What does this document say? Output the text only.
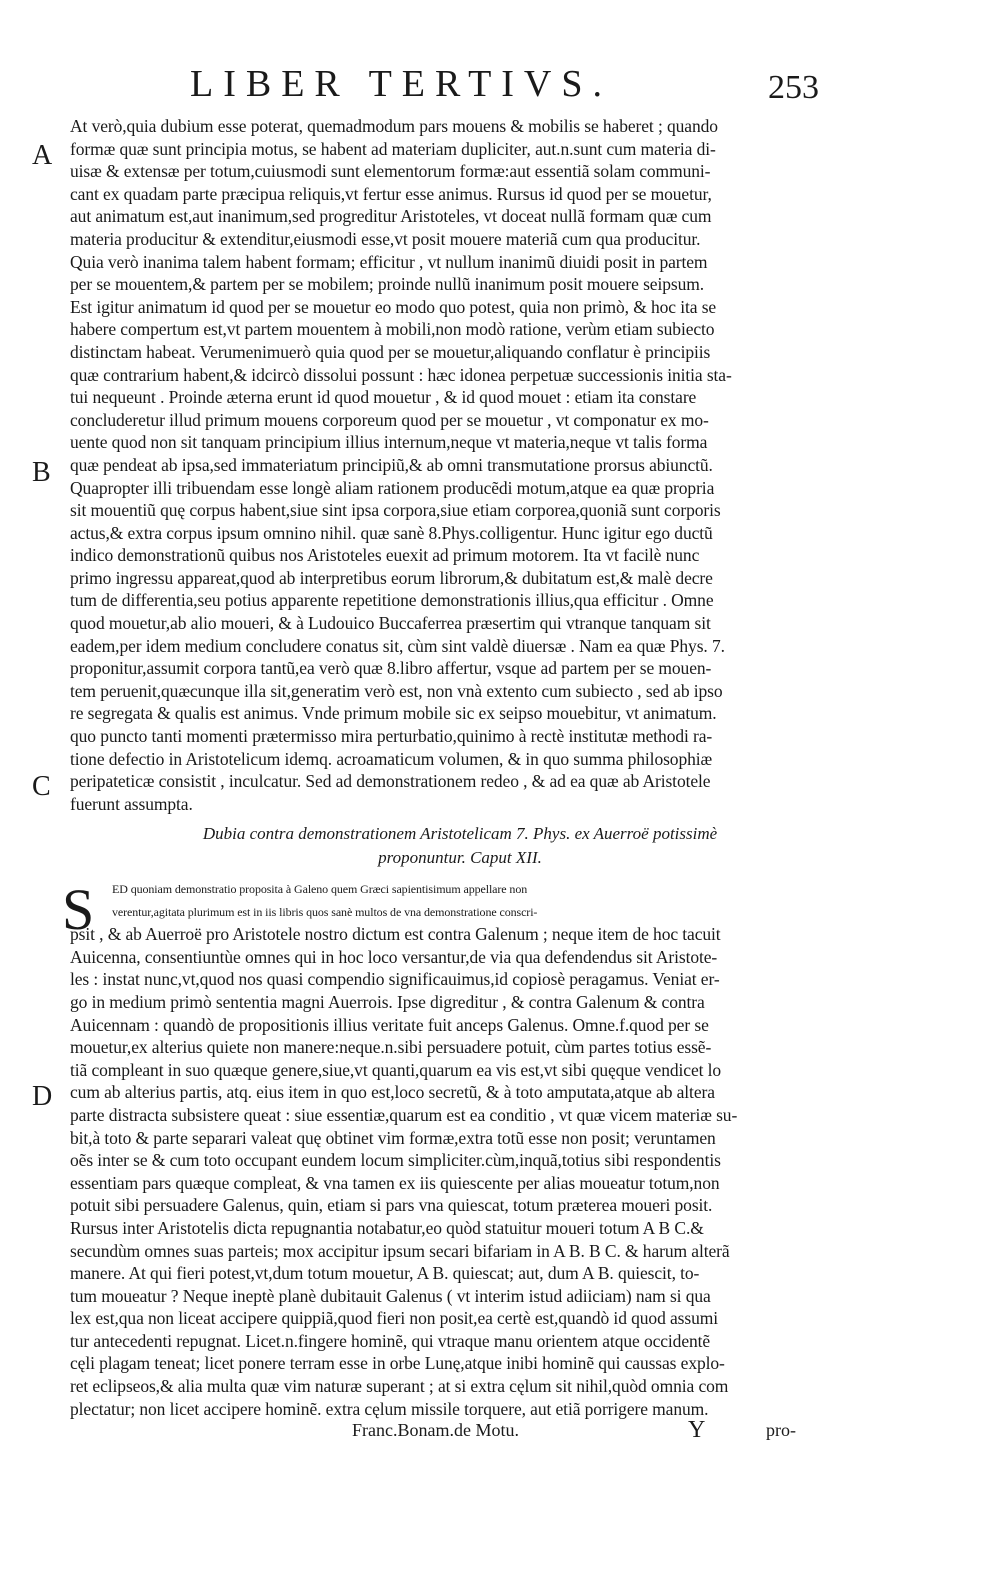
LIBER TERTIVS.	253
A
B
C
D
At verò,quia dubium esse poterat, quemadmodum pars mouens & mobilis se haberet ; quando
formæ quæ sunt principia motus, se habent ad materiam dupliciter, aut.n.sunt cum materia di-
uisæ & extensæ per totum,cuiusmodi sunt elementorum formæ:aut essentiã solam communi-
cant ex quadam parte præcipua reliquis,vt fertur esse animus. Rursus id quod per se mouetur,
aut animatum est,aut inanimum,sed progreditur Aristoteles, vt doceat nullã formam quæ cum
materia producitur & extenditur,eiusmodi esse,vt posit mouere materiã cum qua producitur.
Quia verò inanima talem habent formam; efficitur , vt nullum inanimũ diuidi posit in partem
per se mouentem,& partem per se mobilem; proinde nullũ inanimum posit mouere seipsum.
Est igitur animatum id quod per se mouetur eo modo quo potest, quia non primò, & hoc ita se
habere compertum est,vt partem mouentem à mobili,non modò ratione, verùm etiam subiecto
distinctam habeat. Verumenimuerò quia quod per se mouetur,aliquando conflatur è principiis
quæ contrarium habent,& idcircò dissolui possunt : hæc idonea perpetuæ successionis initia sta-
tui nequeunt . Proinde æterna erunt id quod mouetur , & id quod mouet : etiam ita constare
concluderetur illud primum mouens corporeum quod per se mouetur , vt componatur ex mo-
uente quod non sit tanquam principium illius internum,neque vt materia,neque vt talis forma
quæ pendeat ab ipsa,sed immateriatum principiũ,& ab omni transmutatione prorsus abiunctũ.
Quapropter illi tribuendam esse longè aliam rationem producẽdi motum,atque ea quæ propria
sit mouentiũ quę corpus habent,siue sint ipsa corpora,siue etiam corporea,quoniã sunt corporis
actus,& extra corpus ipsum omnino nihil. quæ sanè 8.Phys.colligentur. Hunc igitur ego ductũ
indico demonstrationũ quibus nos Aristoteles euexit ad primum motorem. Ita vt facilè nunc
primo ingressu appareat,quod ab interpretibus eorum librorum,& dubitatum est,& malè decre
tum de differentia,seu potius apparente repetitione demonstrationis illius,qua efficitur . Omne
quod mouetur,ab alio moueri, & à Ludouico Buccaferrea præsertim qui vtranque tanquam sit
eadem,per idem medium concludere conatus sit, cùm sint valdè diuersæ . Nam ea quæ Phys. 7.
proponitur,assumit corpora tantũ,ea verò quæ 8.libro affertur, vsque ad partem per se mouen-
tem peruenit,quæcunque illa sit,generatim verò est, non vnà extento cum subiecto , sed ab ipso
re segregata & qualis est animus. Vnde primum mobile sic ex seipso mouebitur, vt animatum.
quo puncto tanti momenti prætermisso mira perturbatio,quinimo à rectè institutæ methodi ra-
tione defectio in Aristotelicum idemq. acroamaticum volumen, & in quo summa philosophiæ
peripateticæ consistit , inculcatur. Sed ad demonstrationem redeo , & ad ea quæ ab Aristotele
fuerunt assumpta.
Dubia contra demonstrationem Aristotelicam 7. Phys. ex Auerroë potissimè
proponuntur. Caput XII.
S	ED quoniam demonstratio proposita à Galeno quem Græci sapientisimum appellare non
verentur,agitata plurimum est in iis libris quos sanè multos de vna demonstratione conscri-
psit , & ab Auerroë pro Aristotele nostro dictum est contra Galenum ; neque item de hoc tacuit
Auicenna, consentiuntùe omnes qui in hoc loco versantur,de via qua defendendus sit Aristote-
les : instat nunc,vt,quod nos quasi compendio significauimus,id copiosè peragamus. Veniat er-
go in medium primò sententia magni Auerrois. Ipse digreditur , & contra Galenum & contra
Auicennam : quandò de propositionis illius veritate fuit anceps Galenus. Omne.f.quod per se
mouetur,ex alterius quiete non manere:neque.n.sibi persuadere potuit, cùm partes totius essẽ-
tiã compleant in suo quæque genere,siue,vt quanti,quarum ea vis est,vt sibi quęque vendicet lo
cum ab alterius partis, atq. eius item in quo est,loco secretũ, & à toto amputata,atque ab altera
parte distracta subsistere queat : siue essentiæ,quarum est ea conditio , vt quæ vicem materiæ su-
bit,à toto & parte separari valeat quę obtinet vim formæ,extra totũ esse non posit; veruntamen
oẽs inter se & cum toto occupant eundem locum simpliciter.cùm,inquã,totius sibi respondentis
essentiam pars quæque compleat, & vna tamen ex iis quiescente per alias moueatur totum,non
potuit sibi persuadere Galenus, quin, etiam si pars vna quiescat, totum præterea moueri posit.
Rursus inter Aristotelis dicta repugnantia notabatur,eo quòd statuitur moueri totum A B C.&
secundùm omnes suas parteis; mox accipitur ipsum secari bifariam in A B. B C. & harum alterã
manere. At qui fieri potest,vt,dum totum mouetur, A B. quiescat; aut, dum A B. quiescit, to-
tum moueatur ? Neque ineptè planè dubitauit Galenus ( vt interim istud adiiciam) nam si qua
lex est,qua non liceat accipere quippiã,quod fieri non posit,ea certè est,quandò id quod assumi
tur antecedenti repugnat. Licet.n.fingere hominẽ, qui vtraque manu orientem atque occidentẽ
cęli plagam teneat; licet ponere terram esse in orbe Lunę,atque inibi hominẽ qui caussas explo-
ret eclipseos,& alia multa quæ vim naturæ superant ; at si extra cęlum sit nihil,quòd omnia com
plectatur; non licet accipere hominẽ. extra cęlum missile torquere, aut etiã porrigere manum.
Franc.Bonam.de Motu.	Y	pro-
